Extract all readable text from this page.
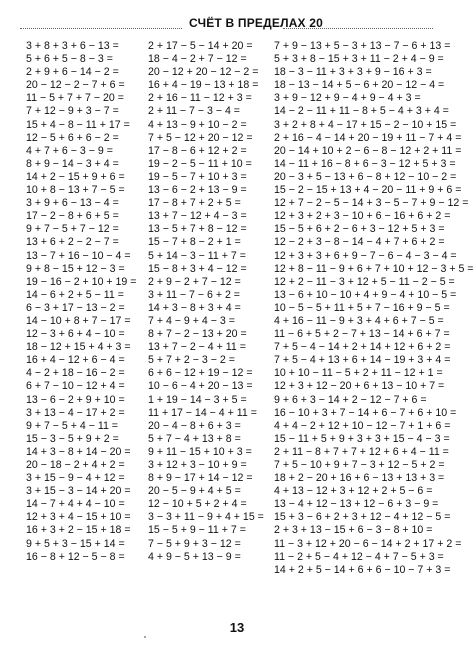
СЧЁТ В ПРЕДЕЛАХ 20
3 + 8 + 3 + 6 − 13 =
5 + 6 + 5 − 8 − 3 =
2 + 9 + 6 − 14 − 2 =
20 − 12 − 2 − 7 + 6 =
11 − 5 + 7 + 7 − 20 =
7 + 12 − 9 + 3 − 7 =
15 + 4 − 8 − 11 + 17 =
12 − 5 + 6 + 6 − 2 =
4 + 7 + 6 − 3 − 9 =
8 + 9 − 14 − 3 + 4 =
14 + 2 − 15 + 9 + 6 =
10 + 8 − 13 + 7 − 5 =
3 + 9 + 6 − 13 − 4 =
17 − 2 − 8 + 6 + 5 =
9 + 7 − 5 + 7 − 12 =
13 + 6 + 2 − 2 − 7 =
13 − 7 + 16 − 10 − 4 =
9 + 8 − 15 + 12 − 3 =
19 − 16 − 2 + 10 + 19 =
14 − 6 + 2 + 5 − 11 =
6 − 3 + 17 − 13 − 2 =
14 − 10 + 8 + 7 − 17 =
12 − 3 + 6 + 4 − 10 =
18 − 12 + 15 + 4 + 3 =
16 + 4 − 12 + 6 − 4 =
4 − 2 + 18 − 16 − 2 =
6 + 7 − 10 − 12 + 4 =
13 − 6 − 2 + 9 + 10 =
3 + 13 − 4 − 17 + 2 =
9 + 7 − 5 + 4 − 11 =
15 − 3 − 5 + 9 + 2 =
14 + 3 − 8 + 14 − 20 =
20 − 18 − 2 + 4 + 2 =
3 + 15 − 9 − 4 + 12 =
3 + 15 − 3 − 14 + 20 =
14 − 7 + 4 + 4 − 10 =
12 + 3 + 4 − 15 + 10 =
16 + 3 + 2 − 15 + 18 =
9 + 5 + 3 − 15 + 14 =
16 − 8 + 12 − 5 − 8 =
2 + 17 − 5 − 14 + 20 =
18 − 4 − 2 + 7 − 12 =
20 − 12 + 20 − 12 − 2 =
16 + 4 − 19 − 13 + 18 =
2 + 16 − 11 − 12 + 3 =
2 + 11 − 7 − 3 − 4 =
4 + 13 − 9 + 10 − 2 =
7 + 5 − 12 + 20 − 12 =
17 − 8 − 6 + 12 + 2 =
19 − 2 − 5 − 11 + 10 =
19 − 5 − 7 + 10 + 3 =
13 − 6 − 2 + 13 − 9 =
17 − 8 + 7 + 2 + 5 =
13 + 7 − 12 + 4 − 3 =
13 − 5 + 7 + 8 − 12 =
15 − 7 + 8 − 2 + 1 =
5 + 14 − 3 − 11 + 7 =
15 − 8 + 3 + 4 − 12 =
2 + 9 − 2 + 7 − 12 =
3 + 11 − 7 − 6 + 2 =
14 + 3 − 8 + 3 + 4 =
7 + 4 − 9 + 4 − 3 =
8 + 7 − 2 − 13 + 20 =
13 + 7 − 2 − 4 + 11 =
5 + 7 + 2 − 3 − 2 =
6 + 6 − 12 + 19 − 12 =
10 − 6 − 4 + 20 − 13 =
1 + 19 − 14 − 3 + 5 =
11 + 17 − 14 − 4 + 11 =
20 − 4 − 8 + 6 + 3 =
5 + 7 − 4 + 13 + 8 =
9 + 11 − 15 + 10 + 3 =
3 + 12 + 3 − 10 + 9 =
8 + 9 − 17 + 14 − 12 =
20 − 5 − 9 + 4 + 5 =
12 − 10 + 5 + 2 + 4 =
3 − 3 + 11 − 9 + 4 + 15 =
15 − 5 + 9 − 11 + 7 =
7 − 5 + 9 + 3 − 12 =
4 + 9 − 5 + 13 − 9 =
7 + 9 − 13 + 5 − 3 + 13 − 7 − 6 + 13 =
5 + 3 + 8 − 15 + 3 + 11 − 2 + 4 − 9 =
18 − 3 − 11 + 3 + 3 + 9 − 16 + 3 =
18 − 13 − 14 + 5 − 6 + 20 − 12 − 4 =
3 + 9 − 12 + 9 − 4 + 9 − 4 + 3 =
14 − 2 − 11 + 11 − 8 + 5 − 4 + 3 + 4 =
3 + 2 + 8 + 4 − 17 + 15 − 2 − 10 + 15 =
2 + 16 − 4 − 14 + 20 − 19 + 11 − 7 + 4 =
20 − 14 + 10 + 2 − 6 − 8 − 12 + 2 + 11 =
14 − 11 + 16 − 8 + 6 − 3 − 12 + 5 + 3 =
20 − 3 + 5 − 13 + 6 − 8 + 12 − 10 − 2 =
15 − 2 − 15 + 13 + 4 − 20 − 11 + 9 + 6 =
12 + 7 − 2 − 5 − 14 + 3 − 5 − 7 + 9 − 12 =
12 + 3 + 2 + 3 − 10 + 6 − 16 + 6 + 2 =
15 − 5 + 6 + 2 − 6 + 3 − 12 + 5 + 3 =
12 − 2 + 3 − 8 − 14 − 4 + 7 + 6 + 2 =
12 + 3 + 3 + 6 + 9 − 7 − 6 − 4 − 3 − 4 =
12 + 8 − 11 − 9 + 6 + 7 + 10 + 12 − 3 + 5 =
12 + 2 − 11 − 3 + 12 + 5 − 11 − 2 − 5 =
13 − 6 + 10 − 10 + 4 + 9 − 4 + 10 − 5 =
10 − 5 − 5 + 11 + 5 + 7 − 16 + 9 − 5 =
4 + 16 − 11 − 9 + 3 + 4 + 6 + 7 − 5 =
11 − 6 + 5 + 2 − 7 + 13 − 14 + 6 + 7 =
7 + 5 − 4 − 14 + 2 + 14 + 12 + 6 + 2 =
7 + 5 − 4 + 13 + 6 + 14 − 19 + 3 + 4 =
10 + 10 − 11 − 5 + 2 + 11 − 12 + 1 =
12 + 3 + 12 − 20 + 6 + 13 − 10 + 7 =
9 + 6 + 3 − 14 + 2 − 12 − 7 + 6 =
16 − 10 + 3 + 7 − 14 + 6 − 7 + 6 + 10 =
4 + 4 − 2 + 12 + 10 − 12 − 7 + 1 + 6 =
15 − 11 + 5 + 9 + 3 + 3 + 15 − 4 − 3 =
2 + 11 − 8 + 7 + 7 + 12 + 6 + 4 − 11 =
7 + 5 − 10 + 9 + 7 − 3 + 12 − 5 + 2 =
18 + 2 − 20 + 16 + 6 − 13 + 13 + 3 =
4 + 13 − 12 + 3 + 12 + 2 + 5 − 6 =
13 − 4 + 12 − 13 + 12 − 6 + 3 − 9 =
15 + 3 − 6 + 2 + 3 + 12 − 4 + 12 − 5 =
2 + 3 + 13 − 15 + 6 − 3 − 8 + 10 =
11 − 3 + 12 + 20 − 6 − 14 + 2 + 17 + 2 =
11 − 2 + 5 − 4 + 12 − 4 + 7 − 5 + 3 =
14 + 2 + 5 − 14 + 6 + 6 − 10 − 7 + 3 =
13
